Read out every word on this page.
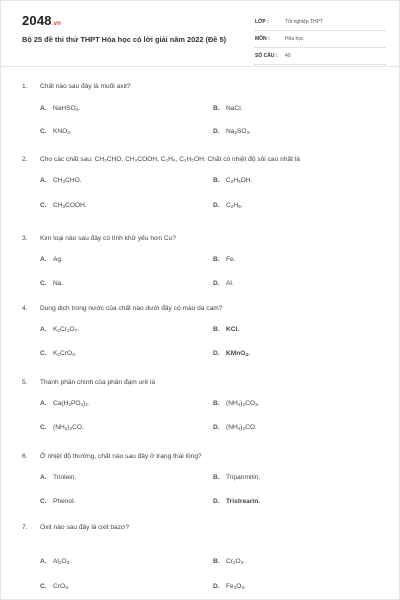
2048.vn
Bộ 25 đề thi thử THPT Hóa học có lời giải năm 2022 (Đề 5)
LỚP :	Tốt nghiệp THPT
MÔN :	Hóa học
SỐ CÂU : 40
1. Chất nào sau đây là muối axit?
A. NaHSO$_4$.	B. NaCl.
C. $KNO_3$.	D. $Na_2SO_4$.
2. Cho các chất sau: CH₃CHO, CH₃COOH, C₂H₆, C₂H₅OH. Chất có nhiệt độ sôi cao nhất là
A. $CH_3CHO$.	B. $C_2H_5OH$.
C. $CH_3COOH$.	D. $C_2H_6$.
3. Kim loại nào sau đây có tính khử yếu hơn Cu?
A. Ag.	B. Fe.
C. Na.	D. Al.
4. Dung dịch trong nước của chất nào dưới đây có màu da cam?
A. $K_2Cr_2O_7$.	B. KCl.
C. $K_2CrO_4$.	D. KMnO$_4$.
5. Thành phần chính của phân đạm urê là
A. $Ca(H_2PO_4)_2$.	B. $(NH_4)_2CO_3$.
C. $(NH_2)_2CO$.	D. $(NH_4)_2CO$.
6. Ở nhiệt độ thường, chất nào sau đây ở trạng thái lỏng?
A. Triolein.	B. Tripanmitin.
C. Phenol.	D. Tristrearin.
7. Oxit nào sau đây là oxit bazơ?
A. $Al_2O_3$.	B. $Cr_2O_3$.
C. CrO$_3$.	D. $Fe_2O_3$.
